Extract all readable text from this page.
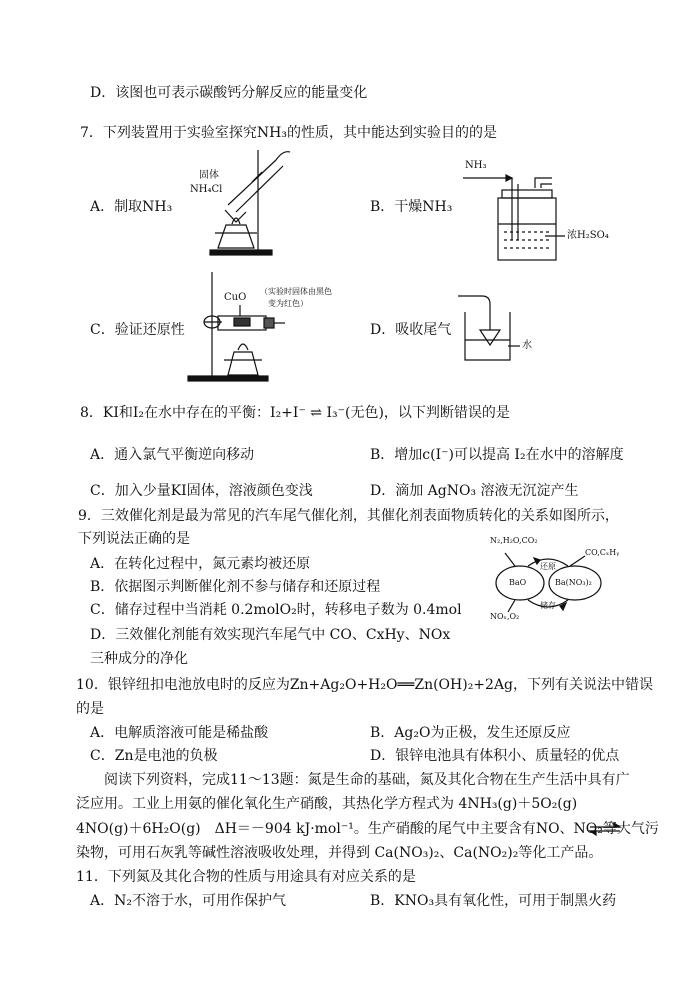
D．该图也可表示碳酸钙分解反应的能量变化
7．下列装置用于实验室探究NH₃的性质，其中能达到实验目的的是
固体
NH₄Cl
A．制取NH₃
NH₃
B．干燥NH₃
浓H₂SO₄
CuO
（实验时固体由黑色
变为红色）
C．验证还原性	D．吸收尾气
水
8．KI和I₂在水中存在的平衡：I₂+I⁻ ⇌ I₃⁻(无色)，以下判断错误的是
A．通入氯气平衡逆向移动	B．增加c(I⁻)可以提高 I₂在水中的溶解度
C．加入少量KI固体，溶液颜色变浅	D．滴加 AgNO₃ 溶液无沉淀产生
9．三效催化剂是最为常见的汽车尾气催化剂，其催化剂表面物质转化的关系如图所示，
下列说法正确的是
A．在转化过程中，氮元素均被还原
B．依据图示判断催化剂不参与储存和还原过程
C．储存过程中当消耗 0.2molO₂时，转移电子数为 0.4mol
D．三效催化剂能有效实现汽车尾气中 CO、CxHy、NOx
三种成分的净化
N₂,H₂O,CO₂
CO,CₓHᵧ
还原
BaO	Ba(NO₃)₂
储存
NOₓ,O₂
10．银锌纽扣电池放电时的反应为Zn+Ag₂O+H₂O══Zn(OH)₂+2Ag，下列有关说法中错误
的是
A．电解质溶液可能是稀盐酸	B．Ag₂O为正极，发生还原反应
C．Zn是电池的负极	D．银锌电池具有体积小、质量轻的优点
阅读下列资料，完成11～13题：氮是生命的基础，氮及其化合物在生产生活中具有广
泛应用。工业上用氨的催化氧化生产硝酸，其热化学方程式为 4NH₃(g)＋5O₂(g)
4NO(g)＋6H₂O(g)　ΔH＝－904 kJ·mol⁻¹。生产硝酸的尾气中主要含有NO、NO₂等大气污
染物，可用石灰乳等碱性溶液吸收处理，并得到 Ca(NO₃)₂、Ca(NO₂)₂等化工产品。
11．下列氮及其化合物的性质与用途具有对应关系的是
A．N₂不溶于水，可用作保护气	B．KNO₃具有氧化性，可用于制黑火药
